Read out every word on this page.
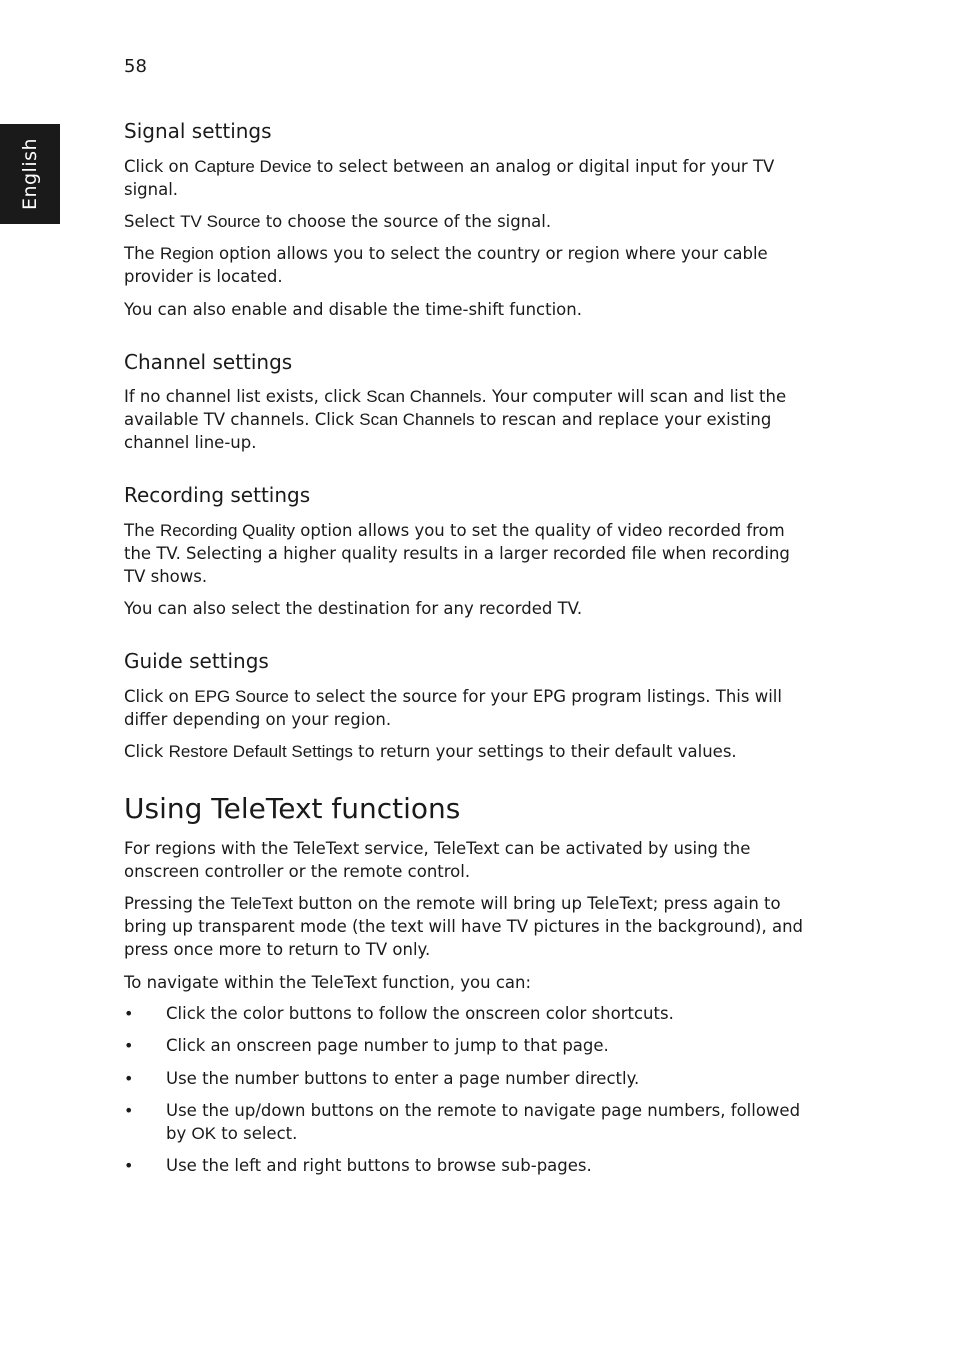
58
English
Signal settings
Click on Capture Device to select between an analog or digital input for your TV signal.
Select TV Source to choose the source of the signal.
The Region option allows you to select the country or region where your cable provider is located.
You can also enable and disable the time-shift function.
Channel settings
If no channel list exists, click Scan Channels. Your computer will scan and list the available TV channels. Click Scan Channels to rescan and replace your existing channel line-up.
Recording settings
The Recording Quality option allows you to set the quality of video recorded from the TV. Selecting a higher quality results in a larger recorded file when recording TV shows.
You can also select the destination for any recorded TV.
Guide settings
Click on EPG Source to select the source for your EPG program listings. This will differ depending on your region.
Click Restore Default Settings to return your settings to their default values.
Using TeleText functions
For regions with the TeleText service, TeleText can be activated by using the onscreen controller or the remote control.
Pressing the TeleText button on the remote will bring up TeleText; press again to bring up transparent mode (the text will have TV pictures in the background), and press once more to return to TV only.
To navigate within the TeleText function, you can:
• Click the color buttons to follow the onscreen color shortcuts.
• Click an onscreen page number to jump to that page.
• Use the number buttons to enter a page number directly.
• Use the up/down buttons on the remote to navigate page numbers, followed by OK to select.
• Use the left and right buttons to browse sub-pages.
